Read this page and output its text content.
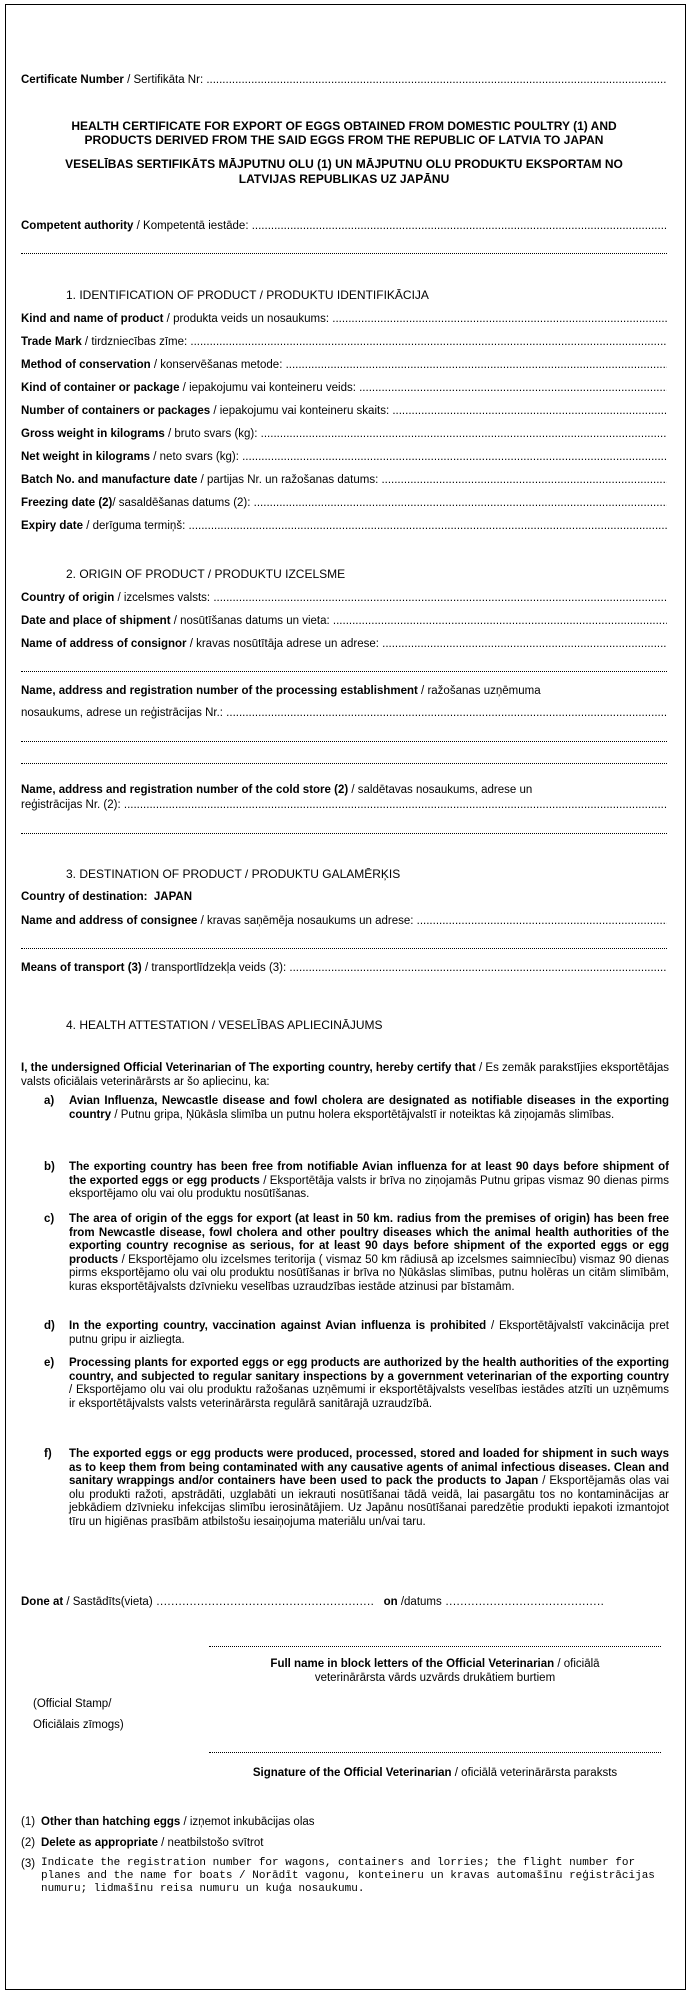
Certificate Number / Sertifikāta Nr: .....
HEALTH CERTIFICATE FOR EXPORT OF EGGS OBTAINED FROM DOMESTIC POULTRY (1) AND
PRODUCTS DERIVED FROM THE SAID EGGS FROM THE REPUBLIC OF LATVIA TO JAPAN
VESELĪBAS SERTIFIKĀTS MĀJPUTNU OLU (1) UN MĀJPUTNU OLU PRODUKTU EKSPORTAM NO
LATVIJAS REPUBLIKAS UZ JAPĀNU
Competent authority / Kompetentā iestāde: .....
1. IDENTIFICATION OF PRODUCT / PRODUKTU IDENTIFIKĀCIJA
Kind and name of product / produkta veids un nosaukums: .....
Trade Mark / tirdzniecības zīme: .....
Method of conservation / konservēšanas metode: .....
Kind of container or package / iepakojumu vai konteineru veids: .....
Number of containers or packages / iepakojumu vai konteineru skaits: .....
Gross weight in kilograms / bruto svars (kg): .....
Net weight in kilograms / neto svars (kg): .....
Batch No. and manufacture date / partijas Nr. un ražošanas datums: .....
Freezing date (2)/ sasaldēšanas datums (2): .....
Expiry date / derīguma termiņš: .....
2. ORIGIN OF PRODUCT / PRODUKTU IZCELSME
Country of origin / izcelsmes valsts: .....
Date and place of shipment / nosūtīšanas datums un vieta: .....
Name of address of consignor / kravas nosūtītāja adrese un adrese: .....
Name, address and registration number of the processing establishment / ražošanas uzņēmuma
nosaukums, adrese un reģistrācijas Nr.: .....
Name, address and registration number of the cold store (2) / saldētavas nosaukums, adrese un
reģistrācijas Nr. (2): .....
3. DESTINATION OF PRODUCT / PRODUKTU GALAMĒRĶIS
Country of destination: JAPAN
Name and address of consignee / kravas saņēmēja nosaukums un adrese: .....
Means of transport (3) / transportlīdzekļa veids (3): .....
4. HEALTH ATTESTATION / VESELĪBAS APLIECINĀJUMS
I, the undersigned Official Veterinarian of The exporting country, hereby certify that / Es zemāk parakstījies eksportētājas valsts oficiālais veterinārārsts ar šo apliecinu, ka:
a) Avian Influenza, Newcastle disease and fowl cholera are designated as notifiable diseases in the exporting country / Putnu gripa, Ņūkāsla slimība un putnu holera eksportētājvalstī ir noteiktas kā ziņojamās slimības.
b) The exporting country has been free from notifiable Avian influenza for at least 90 days before shipment of the exported eggs or egg products / Eksportētāja valsts ir brīva no ziņojamās Putnu gripas vismaz 90 dienas pirms eksportējamo olu vai olu produktu nosūtīšanas.
c) The area of origin of the eggs for export (at least in 50 km. radius from the premises of origin) has been free from Newcastle disease, fowl cholera and other poultry diseases which the animal health authorities of the exporting country recognise as serious, for at least 90 days before shipment of the exported eggs or egg products / Eksportējamo olu izcelsmes teritorija ( vismaz 50 km rādiusā ap izcelsmes saimniecību) vismaz 90 dienas pirms eksportējamo olu vai olu produktu nosūtīšanas ir brīva no Ņūkāslas slimības, putnu holēras un citām slimībām, kuras eksportētājvalsts dzīvnieku veselības uzraudzības iestāde atzinusi par bīstamām.
d) In the exporting country, vaccination against Avian influenza is prohibited / Eksportētājvalstī vakcinācija pret putnu gripu ir aizliegta.
e) Processing plants for exported eggs or egg products are authorized by the health authorities of the exporting country, and subjected to regular sanitary inspections by a government veterinarian of the exporting country / Eksportējamo olu vai olu produktu ražošanas uzņēmumi ir eksportētājvalsts veselības iestādes atzīti un uzņēmums ir eksportētājvalsts valsts veterinārārsta regulārā sanitārajā uzraudzībā.
f) The exported eggs or egg products were produced, processed, stored and loaded for shipment in such ways as to keep them from being contaminated with any causative agents of animal infectious diseases. Clean and sanitary wrappings and/or containers have been used to pack the products to Japan / Eksportējamās olas vai olu produkti ražoti, apstrādāti, uzglabāti un iekrauti nosūtīšanai tādā veidā, lai pasargātu tos no kontaminācijas ar jebkādiem dzīvnieku infekcijas slimību ierosinātājiem. Uz Japānu nosūtīšanai paredzētie produkti iepakoti izmantojot tīru un higiēnas prasībām atbilstošu iesaiņojuma materiālu un/vai taru.
Done at / Sastādīts(vieta) ........................................................... on /datums ...........................................
Full name in block letters of the Official Veterinarian / oficiālā
veterinārārsta vārds uzvārds drukātiem burtiem
(Official Stamp/
Oficiālais zīmogs)
Signature of the Official Veterinarian / oficiālā veterinārārsta paraksts
(1) Other than hatching eggs / izņemot inkubācijas olas
(2) Delete as appropriate / neatbilstošo svītrot
(3) Indicate the registration number for wagons, containers and lorries; the flight number for planes and the name for boats / Norādīt vagonu, konteineru un kravas automašīnu reģistrācijas numuru; lidmašīnu reisa numuru un kuģa nosaukumu.
